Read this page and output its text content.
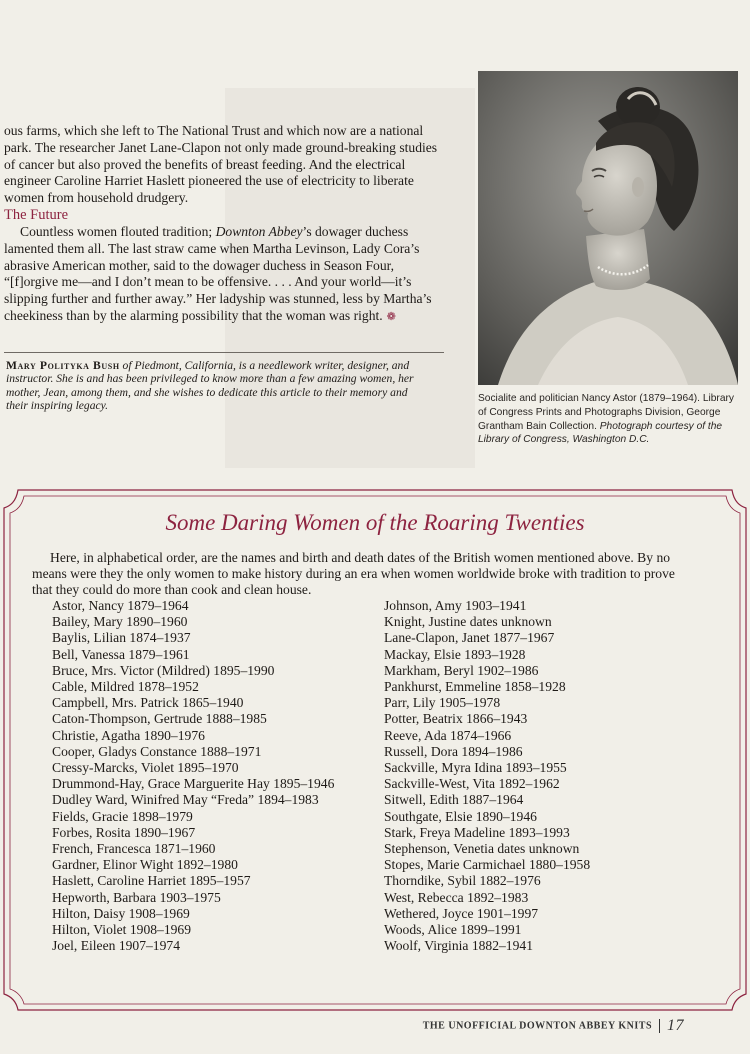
ous farms, which she left to The National Trust and which now are a national park. The researcher Janet Lane-Clapon not only made ground-breaking studies of cancer but also proved the benefits of breast feeding. And the electrical engineer Caroline Harriet Haslett pioneered the use of electricity to liberate women from household drudgery.

The Future

Countless women flouted tradition; Downton Abbey’s dowager duchess lamented them all. The last straw came when Martha Levinson, Lady Cora’s abrasive American mother, said to the dowager duchess in Season Four, “[f]orgive me—and I don’t mean to be offensive. . . . And your world—it’s slipping further and further away.” Her ladyship was stunned, less by Martha’s cheekiness than by the alarming possibility that the woman was right. ❁

Mary Polityka Bush of Piedmont, California, is a needlework writer, designer, and instructor. She is and has been privileged to know more than a few amazing women, her mother, Jean, among them, and she wishes to dedicate this article to their memory and their inspiring legacy.
Socialite and politician Nancy Astor (1879–1964). Library of Congress Prints and Photographs Division, George Grantham Bain Collection. Photograph courtesy of the Library of Congress, Washington D.C.
Some Daring Women of the Roaring Twenties
Here, in alphabetical order, are the names and birth and death dates of the British women mentioned above. By no means were they the only women to make history during an era when women worldwide broke with tradition to prove that they could do more than cook and clean house.
Astor, Nancy 1879–1964
Bailey, Mary 1890–1960
Baylis, Lilian 1874–1937
Bell, Vanessa 1879–1961
Bruce, Mrs. Victor (Mildred) 1895–1990
Cable, Mildred 1878–1952
Campbell, Mrs. Patrick 1865–1940
Caton-Thompson, Gertrude 1888–1985
Christie, Agatha 1890–1976
Cooper, Gladys Constance 1888–1971
Cressy-Marcks, Violet 1895–1970
Drummond-Hay, Grace Marguerite Hay 1895–1946
Dudley Ward, Winifred May “Freda” 1894–1983
Fields, Gracie 1898–1979
Forbes, Rosita 1890–1967
French, Francesca 1871–1960
Gardner, Elinor Wight 1892–1980
Haslett, Caroline Harriet 1895–1957
Hepworth, Barbara 1903–1975
Hilton, Daisy 1908–1969
Hilton, Violet 1908–1969
Joel, Eileen 1907–1974
Johnson, Amy 1903–1941
Knight, Justine dates unknown
Lane-Clapon, Janet 1877–1967
Mackay, Elsie 1893–1928
Markham, Beryl 1902–1986
Pankhurst, Emmeline 1858–1928
Parr, Lily 1905–1978
Potter, Beatrix 1866–1943
Reeve, Ada 1874–1966
Russell, Dora 1894–1986
Sackville, Myra Idina 1893–1955
Sackville-West, Vita 1892–1962
Sitwell, Edith 1887–1964
Southgate, Elsie 1890–1946
Stark, Freya Madeline 1893–1993
Stephenson, Venetia dates unknown
Stopes, Marie Carmichael 1880–1958
Thorndike, Sybil 1882–1976
West, Rebecca 1892–1983
Wethered, Joyce 1901–1997
Woods, Alice 1899–1991
Woolf, Virginia 1882–1941
THE UNOFFICIAL DOWNTON ABBEY KNITS 17
